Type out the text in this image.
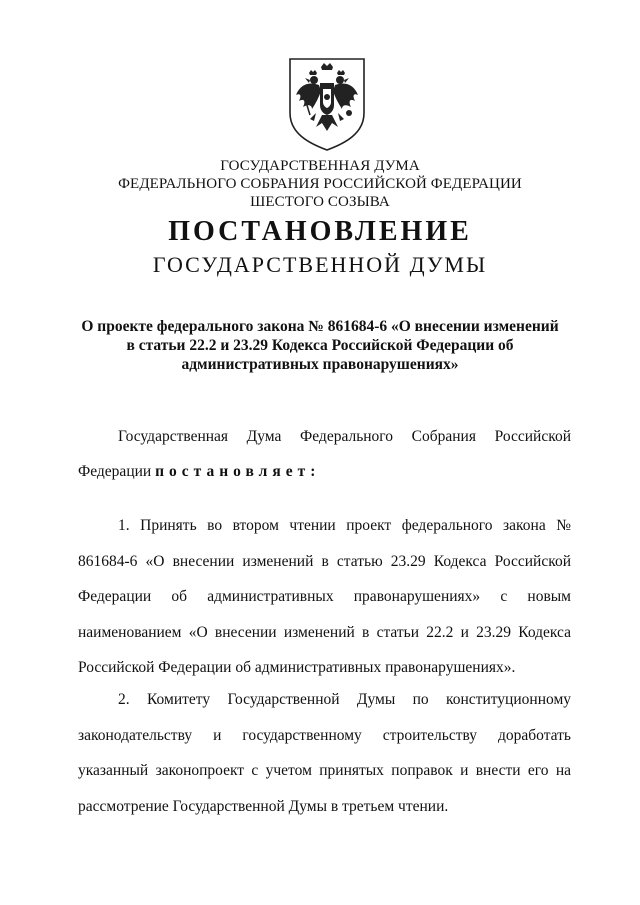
ГОСУДАРСТВЕННАЯ ДУМА
ФЕДЕРАЛЬНОГО СОБРАНИЯ РОССИЙСКОЙ ФЕДЕРАЦИИ
ШЕСТОГО СОЗЫВА
ПОСТАНОВЛЕНИЕ
ГОСУДАРСТВЕННОЙ ДУМЫ
О проекте федерального закона № 861684-6 «О внесении изменений в статьи 22.2 и 23.29 Кодекса Российской Федерации об административных правонарушениях»
Государственная Дума Федерального Собрания Российской Федерации постановляет:
1. Принять во втором чтении проект федерального закона № 861684-6 «О внесении изменений в статью 23.29 Кодекса Российской Федерации об административных правонарушениях» с новым наименованием «О внесении изменений в статьи 22.2 и 23.29 Кодекса Российской Федерации об административных правонарушениях».
2. Комитету Государственной Думы по конституционному законодательству и государственному строительству доработать указанный законопроект с учетом принятых поправок и внести его на рассмотрение Государственной Думы в третьем чтении.
